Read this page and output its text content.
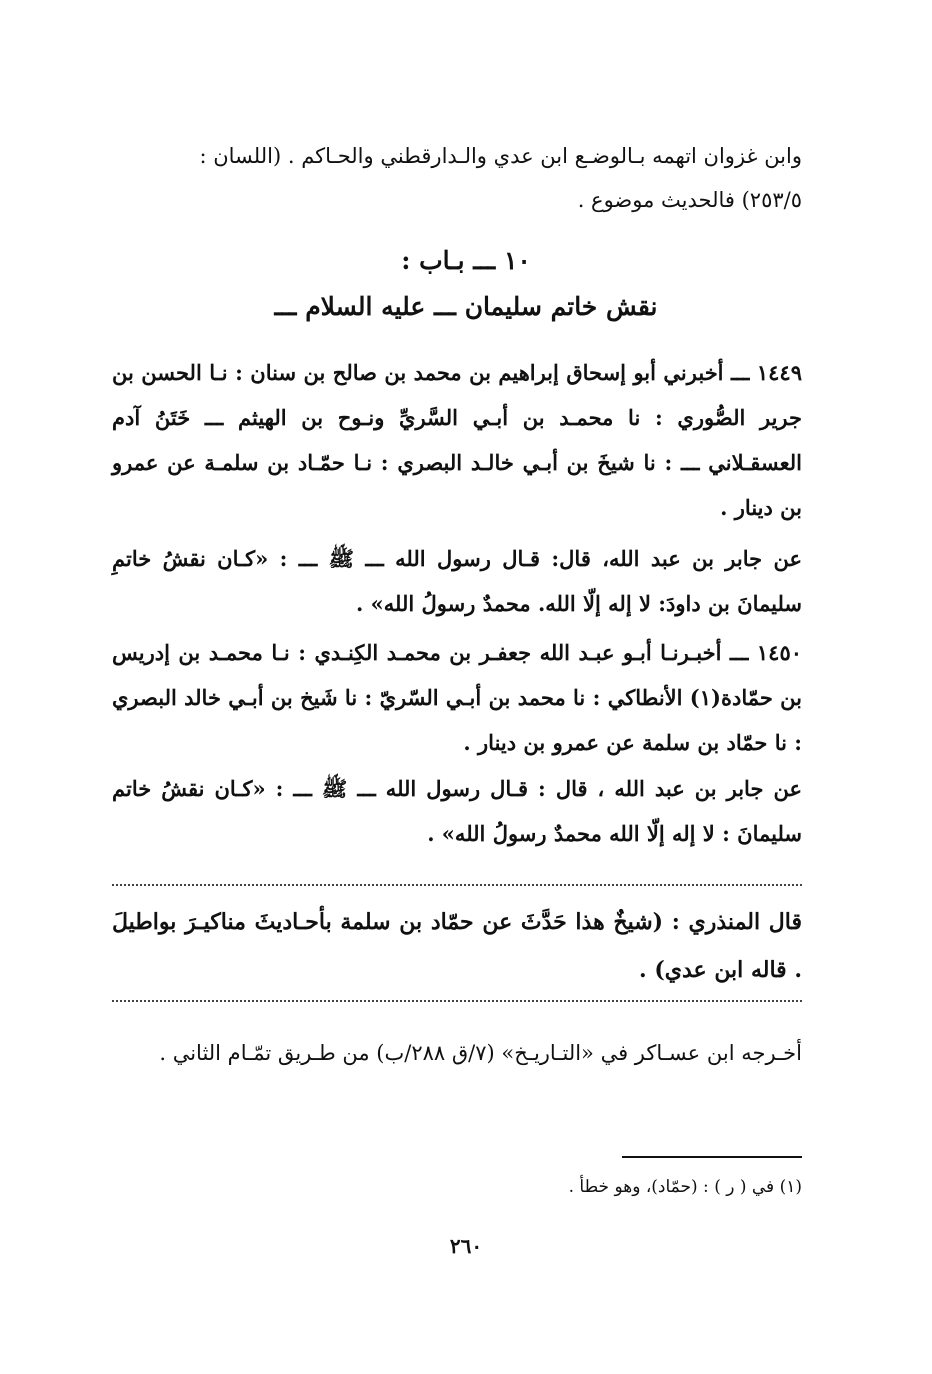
وابن غزوان اتهمه بـالوضـع ابن عدي والـدارقطني والحـاكم . (اللسان :
٢٥٣/٥) فالحديث موضوع .
١٠ ـــ بـاب :
نقش خاتم سليمان ـــ عليه السلام ـــ
١٤٤٩ ـــ أخبرني أبو إسحاق إبراهيم بن محمد بن صالح بن سنان : نـا الحسن بن جرير الصُّوري : نا محمـد بن أبـي السَّريِّ ونـوح بن الهيثم ـــ خَتَنُ آدم العسقـلاني ـــ : نا شيخَ بن أبـي خالـد البصري : نـا حمّـاد بن سلمـة عن عمرو بن دينار .
عن جابر بن عبد الله، قال: قـال رسول الله ـــ ﷺ ـــ : «كـان نقشُ خاتمِ سليمانَ بن داودَ: لا إله إلّا الله. محمدٌ رسولُ الله» .
١٤٥٠ ـــ أخبـرنـا أبـو عبـد الله جعفـر بن محمـد الكِنـدي : نـا محمـد بن إدريس بن حمّادة(١) الأنطاكي : نا محمد بن أبـي السّريّ : نا شَيخ بن أبـي خالد البصري : نا حمّاد بن سلمة عن عمرو بن دينار .
عن جابر بن عبد الله ، قال : قـال رسول الله ـــ ﷺ ـــ : «كـان نقشُ خاتم سليمانَ : لا إله إلّا الله محمدٌ رسولُ الله» .
قال المنذري : (شيخٌ هذا حَدَّثَ عن حمّاد بن سلمة بأحـاديثَ مناكيـرَ بواطيلَ . قاله ابن عدي) .
أخـرجه ابن عسـاكر في «التـاريـخ» (٧/ق ٢٨٨/ب) من طـريق تمّـام الثاني .
(١) في ( ر ) : (حمّاد)، وهو خطأ .
٢٦٠
